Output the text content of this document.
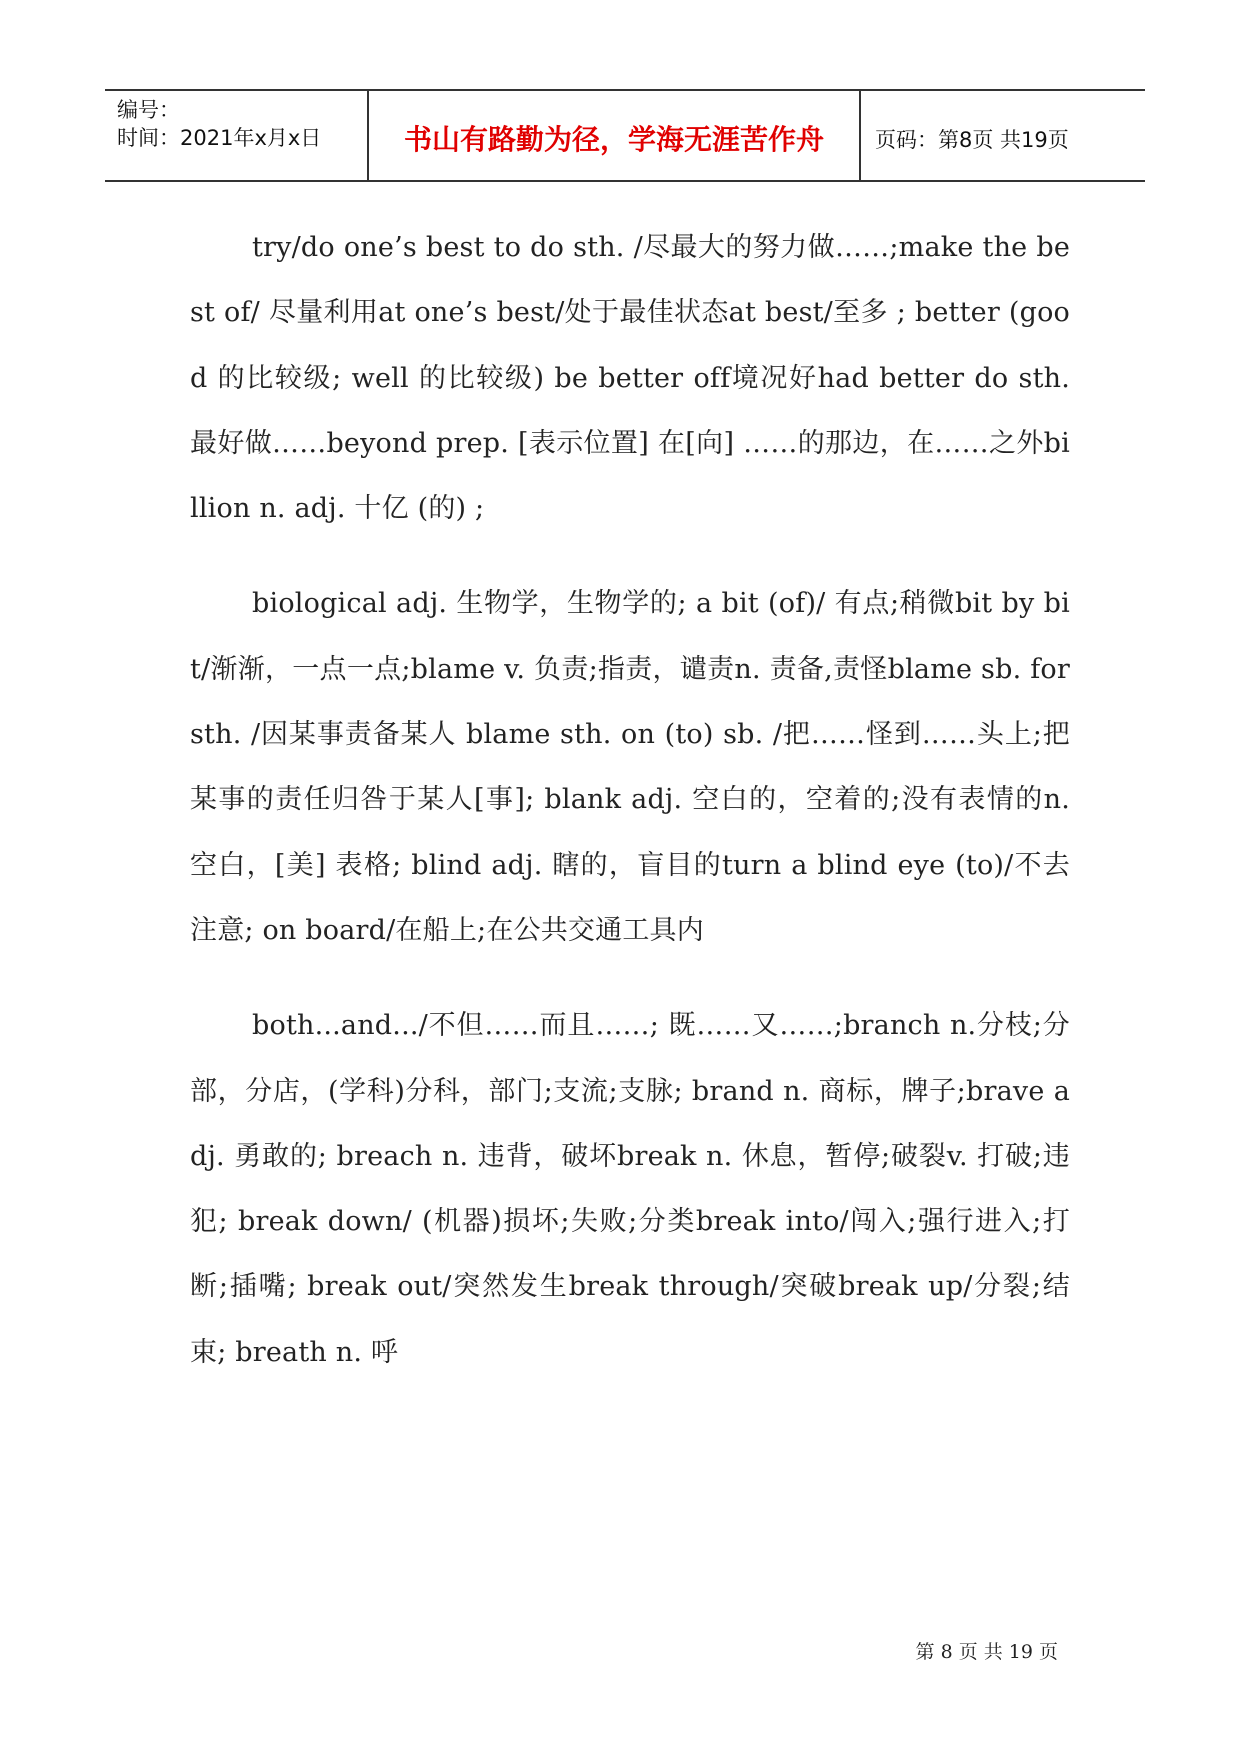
编号：
时间：2021年x月x日	书山有路勤为径，学海无涯苦作舟	页码：第8页 共19页

try/do one’s best to do sth. /尽最大的努力做……;make the best of/ 尽量利用at one’s best/处于最佳状态at best/至多 ; better (good 的比较级; well 的比较级) be better off境况好had better do sth. 最好做……beyond prep. [表示位置] 在[向] ……的那边，在……之外billion n. adj. 十亿 (的) ;

biological adj. 生物学，生物学的; a bit (of)/ 有点;稍微bit by bit/渐渐，一点一点;blame v. 负责;指责，谴责n. 责备,责怪blame sb. for sth. /因某事责备某人 blame sth. on (to) sb. /把……怪到……头上;把某事的责任归咎于某人[事]; blank adj. 空白的，空着的;没有表情的n. 空白，[美] 表格; blind adj. 瞎的，盲目的turn a blind eye (to)/不去注意; on board/在船上;在公共交通工具内

both...and.../不但……而且……; 既……又……;branch n.分枝;分部，分店，(学科)分科，部门;支流;支脉; brand n. 商标，牌子;brave adj. 勇敢的; breach n. 违背，破坏break n. 休息，暂停;破裂v. 打破;违犯; break down/ (机器)损坏;失败;分类break into/闯入;强行进入;打断;插嘴; break out/突然发生break through/突破break up/分裂;结束; breath n. 呼

第 8 页 共 19 页
